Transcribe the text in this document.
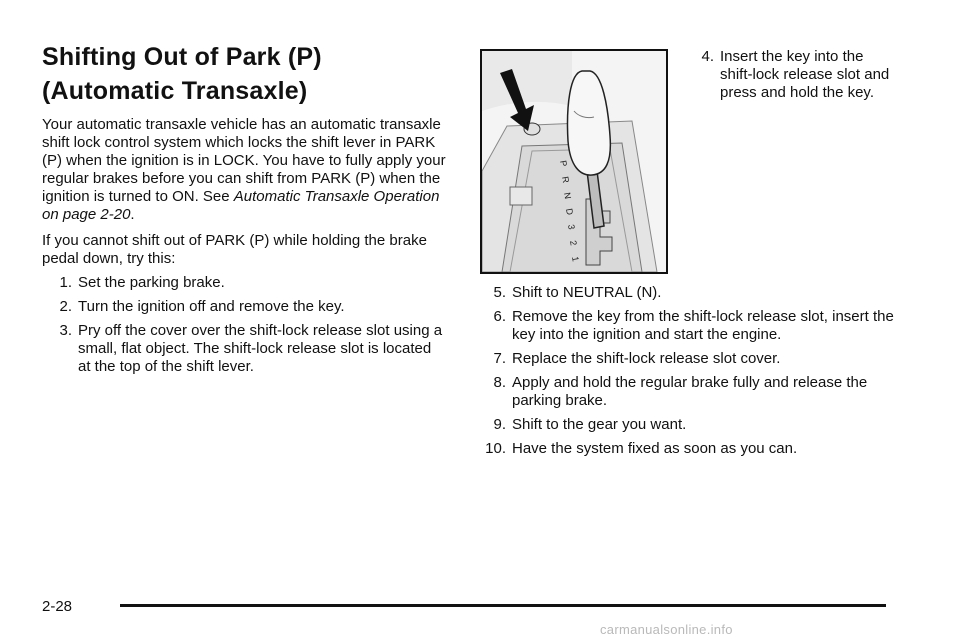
Shifting Out of Park (P)
(Automatic Transaxle)

Your automatic transaxle vehicle has an automatic transaxle shift lock control system which locks the shift lever in PARK (P) when the ignition is in LOCK. You have to fully apply your regular brakes before you can shift from PARK (P) when the ignition is turned to ON. See Automatic Transaxle Operation on page 2-20.

If you cannot shift out of PARK (P) while holding the brake pedal down, try this:

1. Set the parking brake.
2. Turn the ignition off and remove the key.
3. Pry off the cover over the shift-lock release slot using a small, flat object. The shift-lock release slot is located at the top of the shift lever.
P
R
N
D
3
2
1
4. Insert the key into the shift-lock release slot and press and hold the key.
5. Shift to NEUTRAL (N).
6. Remove the key from the shift-lock release slot, insert the key into the ignition and start the engine.
7. Replace the shift-lock release slot cover.
8. Apply and hold the regular brake fully and release the parking brake.
9. Shift to the gear you want.
10. Have the system fixed as soon as you can.
2-28
carmanualsonline.info
